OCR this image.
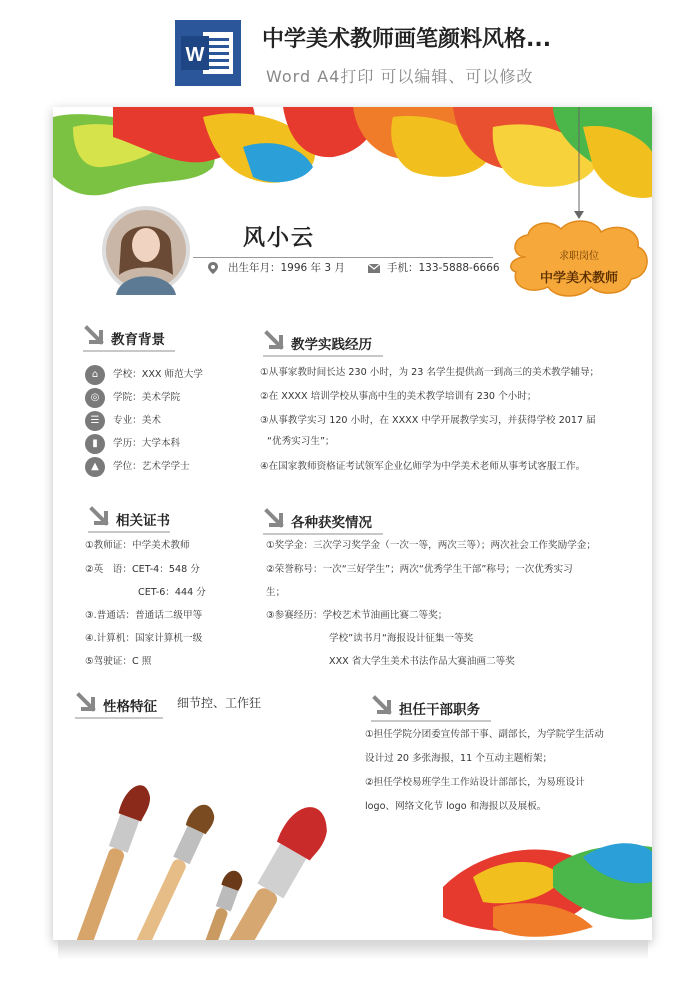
W
中学美术教师画笔颜料风格...
Word A4打印 可以编辑、可以修改
风小云
出生年月：1996 年 3 月	手机：133-5888-6666
求职岗位
中学美术教师
教育背景
⌂	学校：XXX 师范大学
◎	学院：美术学院
☰	专业：美术
▮	学历：大学本科
▲	学位：艺术学学士
教学实践经历
①从事家教时间长达 230 小时，为 23 名学生提供高一到高三的美术教学辅导；
②在 XXXX 培训学校从事高中生的美术教学培训有 230 个小时；
③从事教学实习 120 小时，在 XXXX 中学开展教学实习，并获得学校 2017 届
“优秀实习生”；
④在国家教师资格证考试领军企业亿师学为中学美术老师从事考试客服工作。
相关证书
①教师证：中学美术教师
②英　语：CET-4：548 分
CET-6：444 分
③.普通话：普通话二级甲等
④.计算机：国家计算机一级
⑤驾驶证：C 照
各种获奖情况
①奖学金：三次学习奖学金（一次一等，两次三等）；两次社会工作奖励学金；
②荣誉称号：一次“三好学生”；两次“优秀学生干部”称号；一次优秀实习
生；
③参赛经历：学校艺术节油画比赛二等奖；
学校”读书月“海报设计征集一等奖
XXX 省大学生美术书法作品大赛油画二等奖
性格特征 细节控、工作狂	担任干部职务
①担任学院分团委宣传部干事、副部长，为学院学生活动
设计过 20 多张海报，11 个互动主题桁架；
②担任学校易班学生工作站设计部部长，为易班设计
logo、网络文化节 logo 和海报以及展板。
